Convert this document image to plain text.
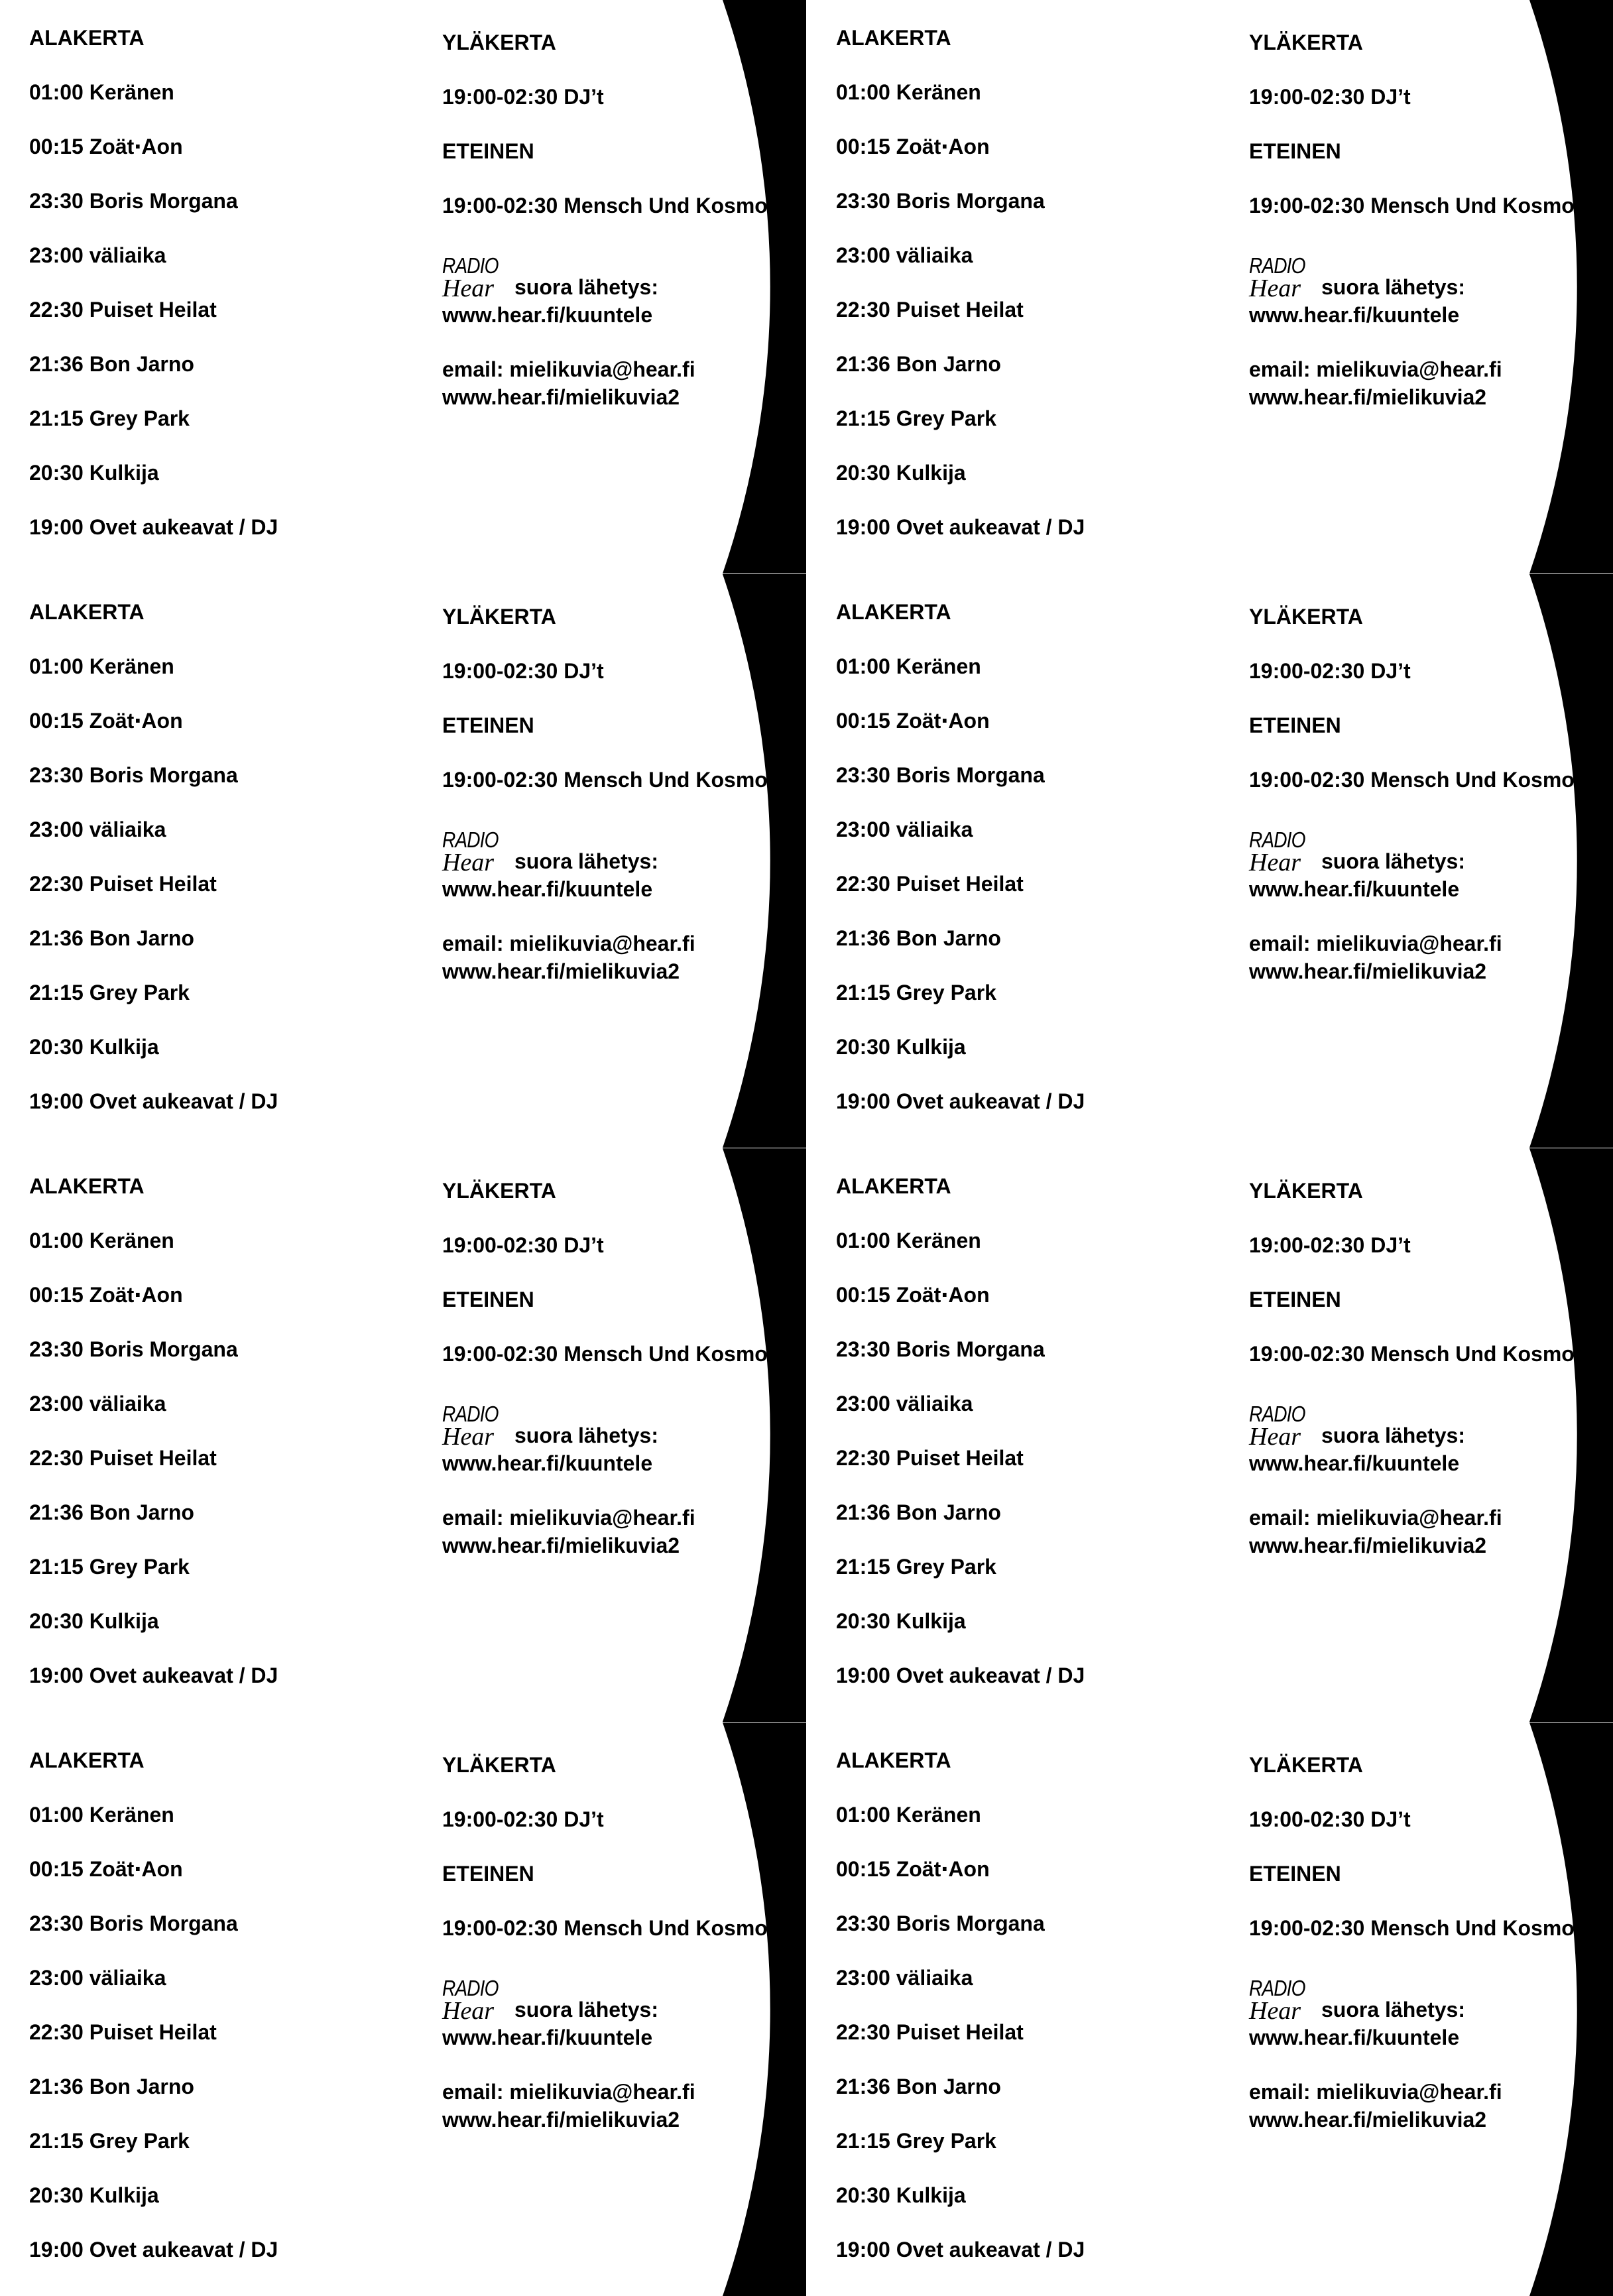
ALAKERTA
01:00 Keränen
00:15 Zoät‧Aon
23:30 Boris Morgana
23:00 väliaika
22:30 Puiset Heilat
21:36 Bon Jarno
21:15 Grey Park
20:30 Kulkija
19:00 Ovet aukeavat / DJ
YLÄKERTA
19:00-02:30 DJ’t
ETEINEN
19:00-02:30 Mensch Und Kosmos
RADIO
Hear suora lähetys:
www.hear.fi/kuuntele
email: mielikuvia@hear.fi
www.hear.fi/mielikuvia2
ALAKERTA
01:00 Keränen
00:15 Zoät‧Aon
23:30 Boris Morgana
23:00 väliaika
22:30 Puiset Heilat
21:36 Bon Jarno
21:15 Grey Park
20:30 Kulkija
19:00 Ovet aukeavat / DJ
YLÄKERTA
19:00-02:30 DJ’t
ETEINEN
19:00-02:30 Mensch Und Kosmos
RADIO
Hear suora lähetys:
www.hear.fi/kuuntele
email: mielikuvia@hear.fi
www.hear.fi/mielikuvia2
ALAKERTA
01:00 Keränen
00:15 Zoät‧Aon
23:30 Boris Morgana
23:00 väliaika
22:30 Puiset Heilat
21:36 Bon Jarno
21:15 Grey Park
20:30 Kulkija
19:00 Ovet aukeavat / DJ
YLÄKERTA
19:00-02:30 DJ’t
ETEINEN
19:00-02:30 Mensch Und Kosmos
RADIO
Hear suora lähetys:
www.hear.fi/kuuntele
email: mielikuvia@hear.fi
www.hear.fi/mielikuvia2
ALAKERTA
01:00 Keränen
00:15 Zoät‧Aon
23:30 Boris Morgana
23:00 väliaika
22:30 Puiset Heilat
21:36 Bon Jarno
21:15 Grey Park
20:30 Kulkija
19:00 Ovet aukeavat / DJ
YLÄKERTA
19:00-02:30 DJ’t
ETEINEN
19:00-02:30 Mensch Und Kosmos
RADIO
Hear suora lähetys:
www.hear.fi/kuuntele
email: mielikuvia@hear.fi
www.hear.fi/mielikuvia2
ALAKERTA
01:00 Keränen
00:15 Zoät‧Aon
23:30 Boris Morgana
23:00 väliaika
22:30 Puiset Heilat
21:36 Bon Jarno
21:15 Grey Park
20:30 Kulkija
19:00 Ovet aukeavat / DJ
YLÄKERTA
19:00-02:30 DJ’t
ETEINEN
19:00-02:30 Mensch Und Kosmos
RADIO
Hear suora lähetys:
www.hear.fi/kuuntele
email: mielikuvia@hear.fi
www.hear.fi/mielikuvia2
ALAKERTA
01:00 Keränen
00:15 Zoät‧Aon
23:30 Boris Morgana
23:00 väliaika
22:30 Puiset Heilat
21:36 Bon Jarno
21:15 Grey Park
20:30 Kulkija
19:00 Ovet aukeavat / DJ
YLÄKERTA
19:00-02:30 DJ’t
ETEINEN
19:00-02:30 Mensch Und Kosmos
RADIO
Hear suora lähetys:
www.hear.fi/kuuntele
email: mielikuvia@hear.fi
www.hear.fi/mielikuvia2
ALAKERTA
01:00 Keränen
00:15 Zoät‧Aon
23:30 Boris Morgana
23:00 väliaika
22:30 Puiset Heilat
21:36 Bon Jarno
21:15 Grey Park
20:30 Kulkija
19:00 Ovet aukeavat / DJ
YLÄKERTA
19:00-02:30 DJ’t
ETEINEN
19:00-02:30 Mensch Und Kosmos
RADIO
Hear suora lähetys:
www.hear.fi/kuuntele
email: mielikuvia@hear.fi
www.hear.fi/mielikuvia2
ALAKERTA
01:00 Keränen
00:15 Zoät‧Aon
23:30 Boris Morgana
23:00 väliaika
22:30 Puiset Heilat
21:36 Bon Jarno
21:15 Grey Park
20:30 Kulkija
19:00 Ovet aukeavat / DJ
YLÄKERTA
19:00-02:30 DJ’t
ETEINEN
19:00-02:30 Mensch Und Kosmos
RADIO
Hear suora lähetys:
www.hear.fi/kuuntele
email: mielikuvia@hear.fi
www.hear.fi/mielikuvia2
